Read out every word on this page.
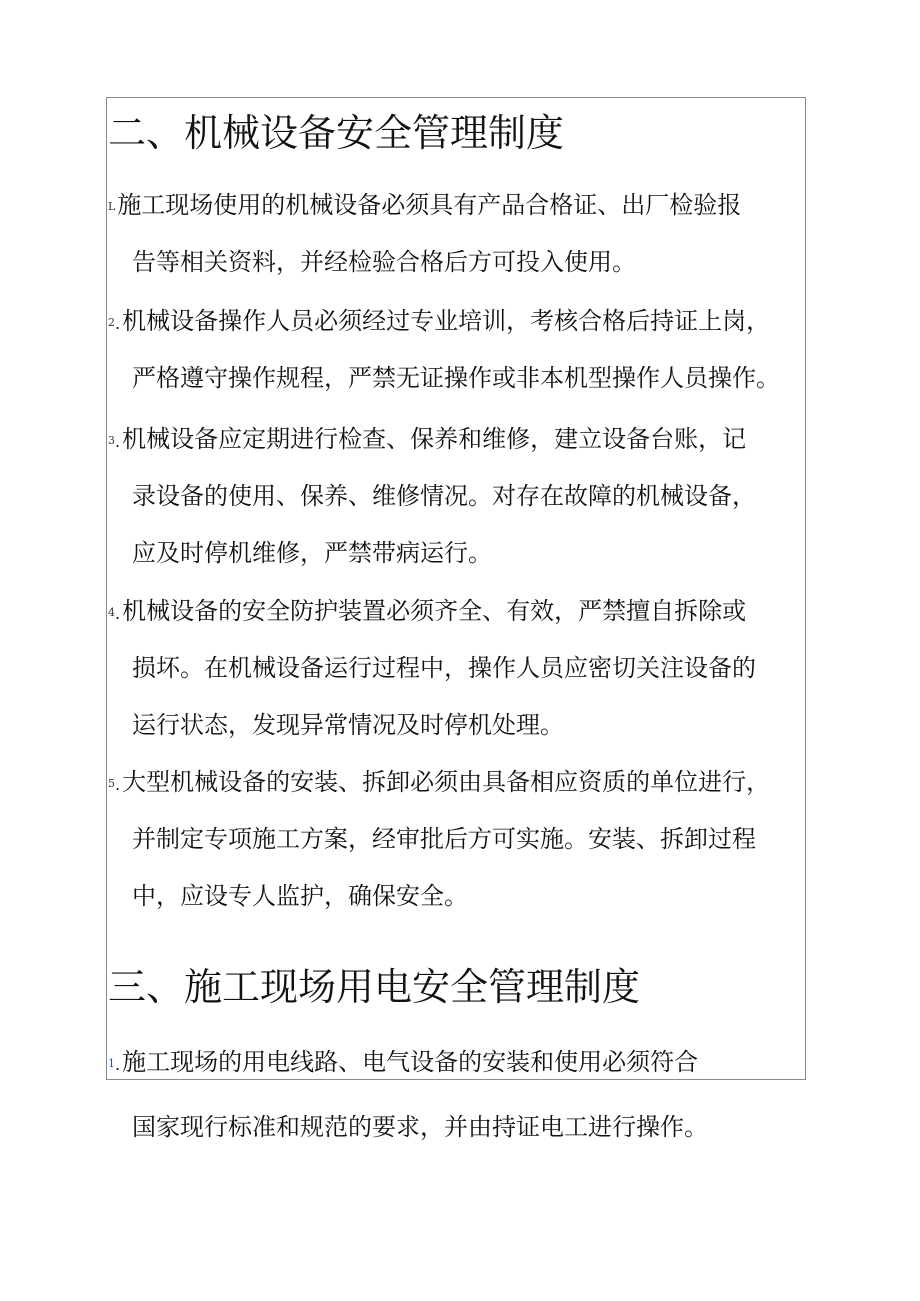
二、机械设备安全管理制度
L施工现场使用的机械设备必须具有产品合格证、出厂检验报
告等相关资料，并经检验合格后方可投入使用。
2.机械设备操作人员必须经过专业培训，考核合格后持证上岗，
严格遵守操作规程，严禁无证操作或非本机型操作人员操作。
3.机械设备应定期进行检查、保养和维修，建立设备台账，记
录设备的使用、保养、维修情况。对存在故障的机械设备，
应及时停机维修，严禁带病运行。
4.机械设备的安全防护装置必须齐全、有效，严禁擅自拆除或
损坏。在机械设备运行过程中，操作人员应密切关注设备的
运行状态，发现异常情况及时停机处理。
5.大型机械设备的安装、拆卸必须由具备相应资质的单位进行，
并制定专项施工方案，经审批后方可实施。安装、拆卸过程
中，应设专人监护，确保安全。
三、施工现场用电安全管理制度
1.施工现场的用电线路、电气设备的安装和使用必须符合
国家现行标准和规范的要求，并由持证电工进行操作。
